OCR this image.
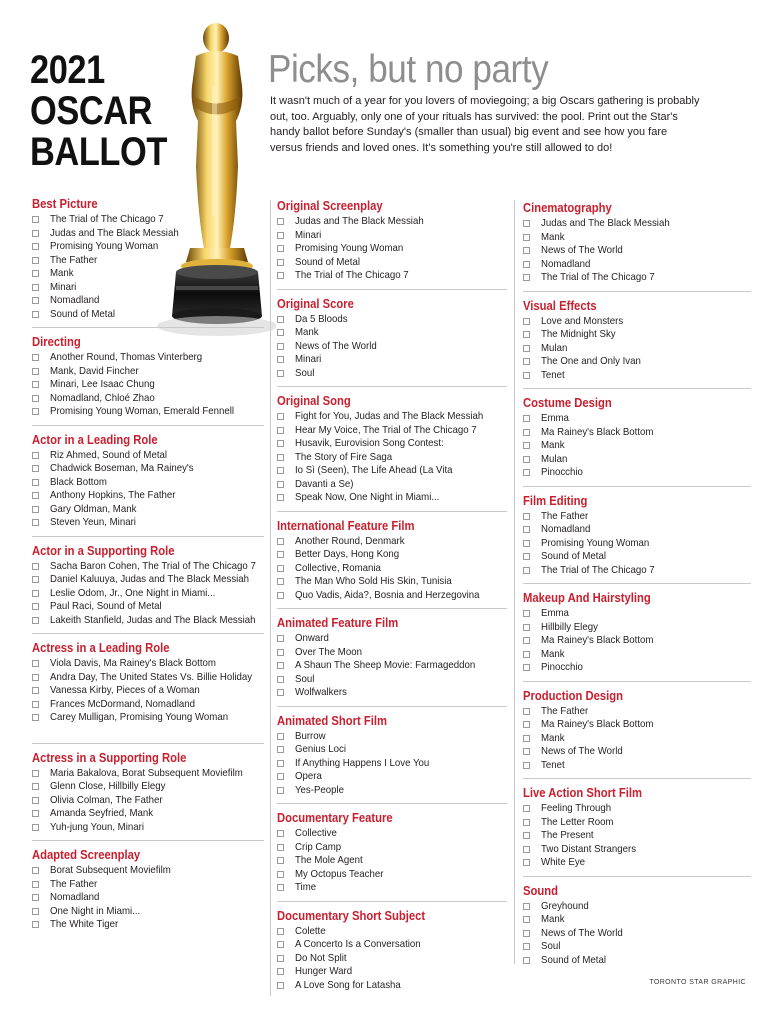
2021
OSCAR
BALLOT
Picks, but no party

It wasn't much of a year for you lovers of moviegoing; a big Oscars gathering is probably out, too. Arguably, only one of your rituals has survived: the pool. Print out the Star's handy ballot before Sunday's (smaller than usual) big event and see how you fare versus friends and loved ones. It's something you're still allowed to do!

Best Picture
The Trial of The Chicago 7
Judas and The Black Messiah
Promising Young Woman
The Father
Mank
Minari
Nomadland
Sound of Metal
Directing
Another Round, Thomas Vinterberg
Mank, David Fincher
Minari, Lee Isaac Chung
Nomadland, Chloé Zhao
Promising Young Woman, Emerald Fennell
Actor in a Leading Role
Riz Ahmed, Sound of Metal
Chadwick Boseman, Ma Rainey's
Black Bottom
Anthony Hopkins, The Father
Gary Oldman, Mank
Steven Yeun, Minari
Actor in a Supporting Role
Sacha Baron Cohen, The Trial of The Chicago 7
Daniel Kaluuya, Judas and The Black Messiah
Leslie Odom, Jr., One Night in Miami...
Paul Raci, Sound of Metal
Lakeith Stanfield, Judas and The Black Messiah
Actress in a Leading Role
Viola Davis, Ma Rainey's Black Bottom
Andra Day, The United States Vs. Billie Holiday
Vanessa Kirby, Pieces of a Woman
Frances McDormand, Nomadland
Carey Mulligan, Promising Young Woman
Actress in a Supporting Role
Maria Bakalova, Borat Subsequent Moviefilm
Glenn Close, Hillbilly Elegy
Olivia Colman, The Father
Amanda Seyfried, Mank
Yuh-jung Youn, Minari
Adapted Screenplay
Borat Subsequent Moviefilm
The Father
Nomadland
One Night in Miami...
The White Tiger
Original Screenplay
Judas and The Black Messiah
Minari
Promising Young Woman
Sound of Metal
The Trial of The Chicago 7
Original Score
Da 5 Bloods
Mank
News of The World
Minari
Soul
Original Song
Fight for You, Judas and The Black Messiah
Hear My Voice, The Trial of The Chicago 7
Husavik, Eurovision Song Contest:
The Story of Fire Saga
Io Sì (Seen), The Life Ahead (La Vita
Davanti a Se)
Speak Now, One Night in Miami...
International Feature Film
Another Round, Denmark
Better Days, Hong Kong
Collective, Romania
The Man Who Sold His Skin, Tunisia
Quo Vadis, Aida?, Bosnia and Herzegovina
Animated Feature Film
Onward
Over The Moon
A Shaun The Sheep Movie: Farmageddon
Soul
Wolfwalkers
Animated Short Film
Burrow
Genius Loci
If Anything Happens I Love You
Opera
Yes-People
Documentary Feature
Collective
Crip Camp
The Mole Agent
My Octopus Teacher
Time
Documentary Short Subject
Colette
A Concerto Is a Conversation
Do Not Split
Hunger Ward
A Love Song for Latasha
Cinematography
Judas and The Black Messiah
Mank
News of The World
Nomadland
The Trial of The Chicago 7
Visual Effects
Love and Monsters
The Midnight Sky
Mulan
The One and Only Ivan
Tenet
Costume Design
Emma
Ma Rainey's Black Bottom
Mank
Mulan
Pinocchio
Film Editing
The Father
Nomadland
Promising Young Woman
Sound of Metal
The Trial of The Chicago 7
Makeup And Hairstyling
Emma
Hillbilly Elegy
Ma Rainey's Black Bottom
Mank
Pinocchio
Production Design
The Father
Ma Rainey's Black Bottom
Mank
News of The World
Tenet
Live Action Short Film
Feeling Through
The Letter Room
The Present
Two Distant Strangers
White Eye
Sound
Greyhound
Mank
News of The World
Soul
Sound of Metal
TORONTO STAR GRAPHIC
